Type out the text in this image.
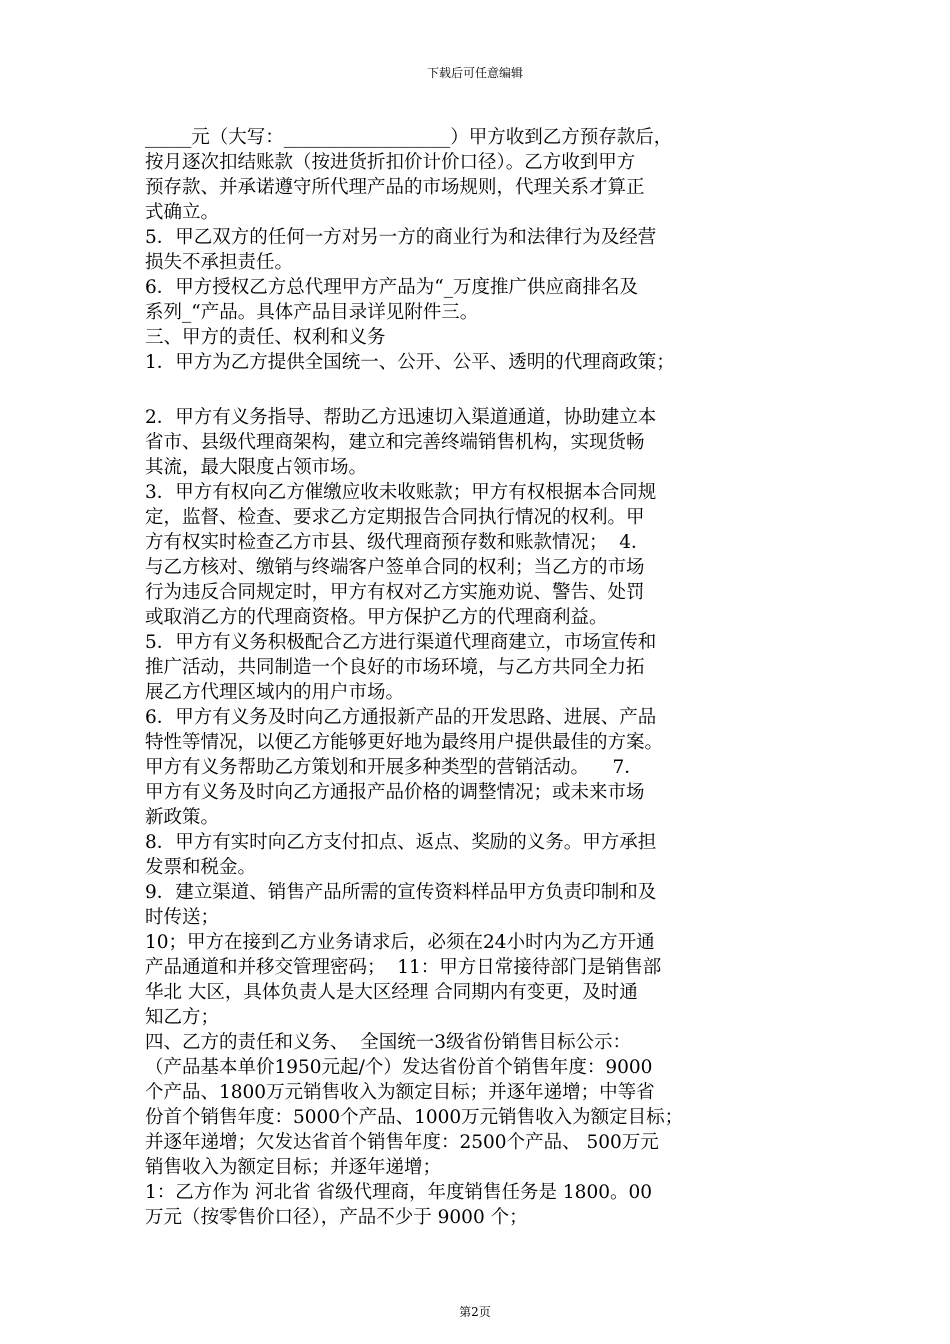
下载后可任意编辑
_____元（大写：__________________）甲方收到乙方预存款后，
按月逐次扣结账款（按进货折扣价计价口径）。乙方收到甲方
预存款、并承诺遵守所代理产品的市场规则，代理关系才算正
式确立。
5．甲乙双方的任何一方对另一方的商业行为和法律行为及经营
损失不承担责任。
6．甲方授权乙方总代理甲方产品为“_万度推广供应商排名及
系列_“产品。具体产品目录详见附件三。
三、甲方的责任、权利和义务
1．甲方为乙方提供全国统一、公开、公平、透明的代理商政策；
2．甲方有义务指导、帮助乙方迅速切入渠道通道，协助建立本
省市、县级代理商架构，建立和完善终端销售机构，实现货畅
其流，最大限度占领市场。
3．甲方有权向乙方催缴应收未收账款；甲方有权根据本合同规
定，监督、检查、要求乙方定期报告合同执行情况的权利。甲
方有权实时检查乙方市县、级代理商预存数和账款情况；  4．
与乙方核对、缴销与终端客户签单合同的权利；当乙方的市场
行为违反合同规定时，甲方有权对乙方实施劝说、警告、处罚
或取消乙方的代理商资格。甲方保护乙方的代理商利益。
5．甲方有义务积极配合乙方进行渠道代理商建立，市场宣传和
推广活动，共同制造一个良好的市场环境，与乙方共同全力拓
展乙方代理区域内的用户市场。
6．甲方有义务及时向乙方通报新产品的开发思路、进展、产品
特性等情况，以便乙方能够更好地为最终用户提供最佳的方案。
甲方有义务帮助乙方策划和开展多种类型的营销活动。    7．
甲方有义务及时向乙方通报产品价格的调整情况；或未来市场
新政策。
8．甲方有实时向乙方支付扣点、返点、奖励的义务。甲方承担
发票和税金。
9．建立渠道、销售产品所需的宣传资料样品甲方负责印制和及
时传送；
10；甲方在接到乙方业务请求后，必须在24小时内为乙方开通
产品通道和并移交管理密码；  11：甲方日常接待部门是销售部
华北 大区，具体负责人是大区经理 合同期内有变更，及时通
知乙方；
四、乙方的责任和义务、  全国统一3级省份销售目标公示：
（产品基本单价1950元起/个）发达省份首个销售年度：9000
个产品、1800万元销售收入为额定目标；并逐年递增；中等省
份首个销售年度：5000个产品、1000万元销售收入为额定目标；
并逐年递增；欠发达省首个销售年度：2500个产品、 500万元
销售收入为额定目标；并逐年递增；
1：乙方作为 河北省 省级代理商，年度销售任务是 1800。00
万元（按零售价口径），产品不少于 9000 个；
第2页
